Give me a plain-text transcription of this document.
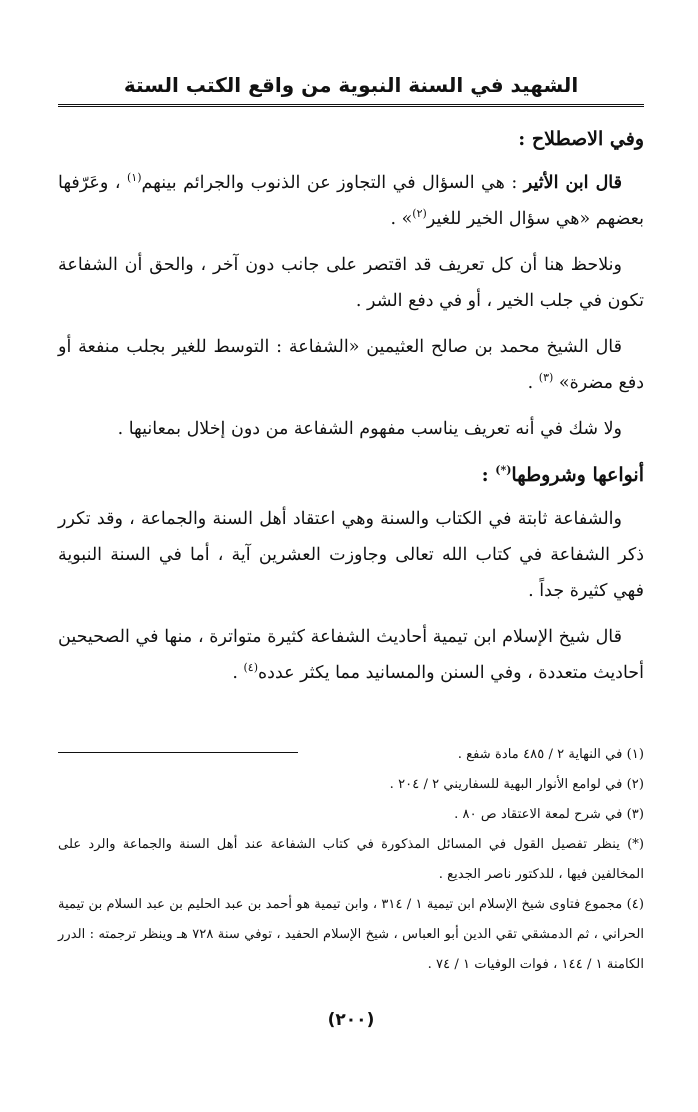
الشهيد في السنة النبوية من واقع الكتب الستة
وفي الاصطلاح :

قال ابن الأثير : هي السؤال في التجاوز عن الذنوب والجرائم بينهم$^{(١)}$ ، وعَرّفها بعضهم «هي سؤال الخير للغير$^{(٢)}$» .

ونلاحظ هنا أن كل تعريف قد اقتصر على جانب دون آخر ، والحق أن الشفاعة تكون في جلب الخير ، أو في دفع الشر .

قال الشيخ محمد بن صالح العثيمين «الشفاعة : التوسط للغير بجلب منفعة أو دفع مضرة» $^{(٣)}$ .

ولا شك في أنه تعريف يناسب مفهوم الشفاعة من دون إخلال بمعانيها .

أنواعها وشروطها(*) :

والشفاعة ثابتة في الكتاب والسنة وهي اعتقاد أهل السنة والجماعة ، وقد تكرر ذكر الشفاعة في كتاب الله تعالى وجاوزت العشرين آية ، أما في السنة النبوية فهي كثيرة جداً .

قال شيخ الإسلام ابن تيمية أحاديث الشفاعة كثيرة متواترة ، منها في الصحيحين أحاديث متعددة ، وفي السنن والمسانيد مما يكثر عدده$^{(٤)}$ .

(١) في النهاية ٢ / ٤٨٥ مادة شفع .

(٢) في لوامع الأنوار البهية للسفاريني ٢ / ٢٠٤ .

(٣) في شرح لمعة الاعتقاد ص ٨٠ .

(*) ينظر تفصيل القول في المسائل المذكورة في كتاب الشفاعة عند أهل السنة والجماعة والرد على المخالفين فيها ، للدكتور ناصر الجديع .

(٤) مجموع فتاوى شيخ الإسلام ابن تيمية ١ / ٣١٤ ، وابن تيمية هو أحمد بن عبد الحليم بن عبد السلام بن تيمية الحراني ، ثم الدمشقي تقي الدين أبو العباس ، شيخ الإسلام الحفيد ، توفي سنة ٧٢٨ هـ وينظر ترجمته : الدرر الكامنة ١ / ١٤٤ ، فوات الوفيات ١ / ٧٤ .

(٢٠٠)
